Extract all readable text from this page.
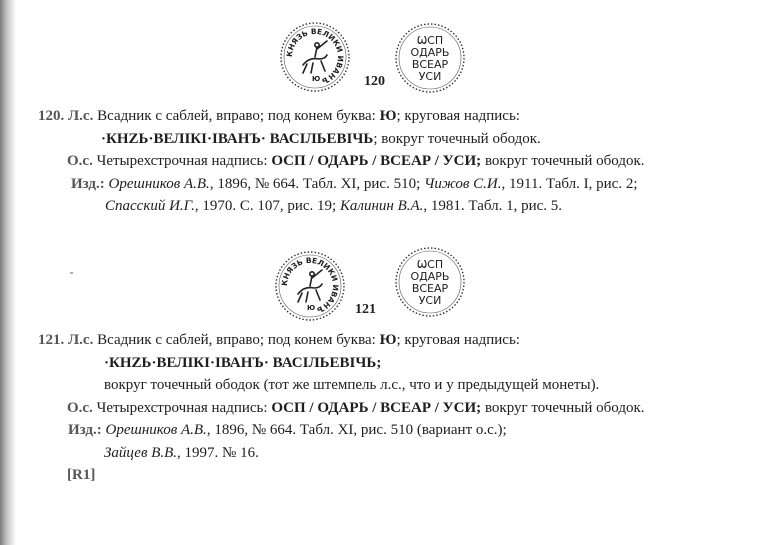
КНЯЗЬ ВЕЛИКИ ИВАНЪ
Ю
ѠСП
ОДАРЬ
ВСЕАР
УСИ
120
120. Л.с. Всадник с саблей, вправо; под конем буква: Ю; круговая надпись:
·КНZЬ·ВЕЛІКІ·ІВАНЪ· ВАСІЛЬЕВІЧЬ; вокруг точечный ободок.
О.с. Четырехстрочная надпись: ОСП / ОДАРЬ / ВСЕАР / УСИ; вокруг точечный ободок.
Изд.: Орешников А.В., 1896, № 664. Табл. XI, рис. 510; Чижов С.И., 1911. Табл. I, рис. 2;
Спасский И.Г., 1970. С. 107, рис. 19; Калинин В.А., 1981. Табл. 1, рис. 5.
КНЯЗЬ ВЕЛИКИ ИВАНЪ
Ю
ѠСП
ОДАРЬ
ВСЕАР
УСИ
121
121. Л.с. Всадник с саблей, вправо; под конем буква: Ю; круговая надпись:
·КНZЬ·ВЕЛІКІ·ІВАНЪ· ВАСІЛЬЕВІЧЬ;
вокруг точечный ободок (тот же штемпель л.с., что и у предыдущей монеты).
О.с. Четырехстрочная надпись: ОСП / ОДАРЬ / ВСЕАР / УСИ; вокруг точечный ободок.
Изд.: Орешников А.В., 1896, № 664. Табл. XI, рис. 510 (вариант о.с.);
Зайцев В.В., 1997. № 16.
[R1]
